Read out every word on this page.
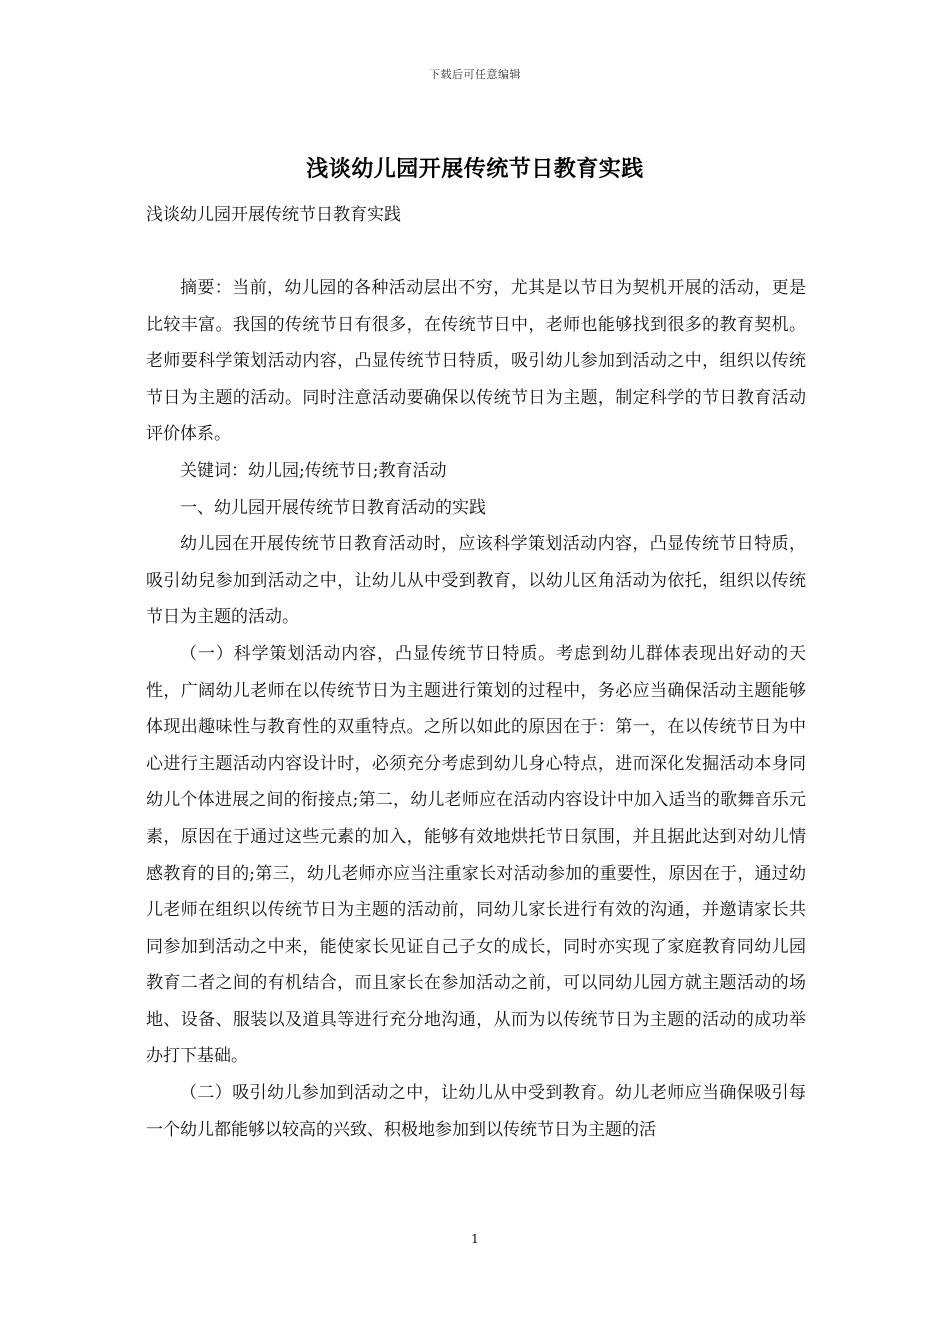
下载后可任意编辑
浅谈幼儿园开展传统节日教育实践
浅谈幼儿园开展传统节日教育实践

摘要：当前，幼儿园的各种活动层出不穷，尤其是以节日为契机开展的活动，更是比较丰富。我国的传统节日有很多，在传统节日中，老师也能够找到很多的教育契机。老师要科学策划活动内容，凸显传统节日特质，吸引幼儿参加到活动之中，组织以传统节日为主题的活动。同时注意活动要确保以传统节日为主题，制定科学的节日教育活动评价体系。

关键词：幼儿园;传统节日;教育活动

一、幼儿园开展传统节日教育活动的实践

幼儿园在开展传统节日教育活动时，应该科学策划活动内容，凸显传统节日特质，吸引幼兒参加到活动之中，让幼儿从中受到教育，以幼儿区角活动为依托，组织以传统节日为主题的活动。

（一）科学策划活动内容，凸显传统节日特质。考虑到幼儿群体表现出好动的天性，广阔幼儿老师在以传统节日为主题进行策划的过程中，务必应当确保活动主题能够体现出趣味性与教育性的双重特点。之所以如此的原因在于：第一，在以传统节日为中心进行主题活动内容设计时，必须充分考虑到幼儿身心特点，进而深化发掘活动本身同幼儿个体进展之间的衔接点;第二，幼儿老师应在活动内容设计中加入适当的歌舞音乐元素，原因在于通过这些元素的加入，能够有效地烘托节日氛围，并且据此达到对幼儿情感教育的目的;第三，幼儿老师亦应当注重家长对活动参加的重要性，原因在于，通过幼儿老师在组织以传统节日为主题的活动前，同幼儿家长进行有效的沟通，并邀请家长共同参加到活动之中来，能使家长见证自己子女的成长，同时亦实现了家庭教育同幼儿园教育二者之间的有机结合，而且家长在参加活动之前，可以同幼儿园方就主题活动的场地、设备、服装以及道具等进行充分地沟通，从而为以传统节日为主题的活动的成功举办打下基础。

（二）吸引幼儿参加到活动之中，让幼儿从中受到教育。幼儿老师应当确保吸引每一个幼儿都能够以较高的兴致、积极地参加到以传统节日为主题的活

1
